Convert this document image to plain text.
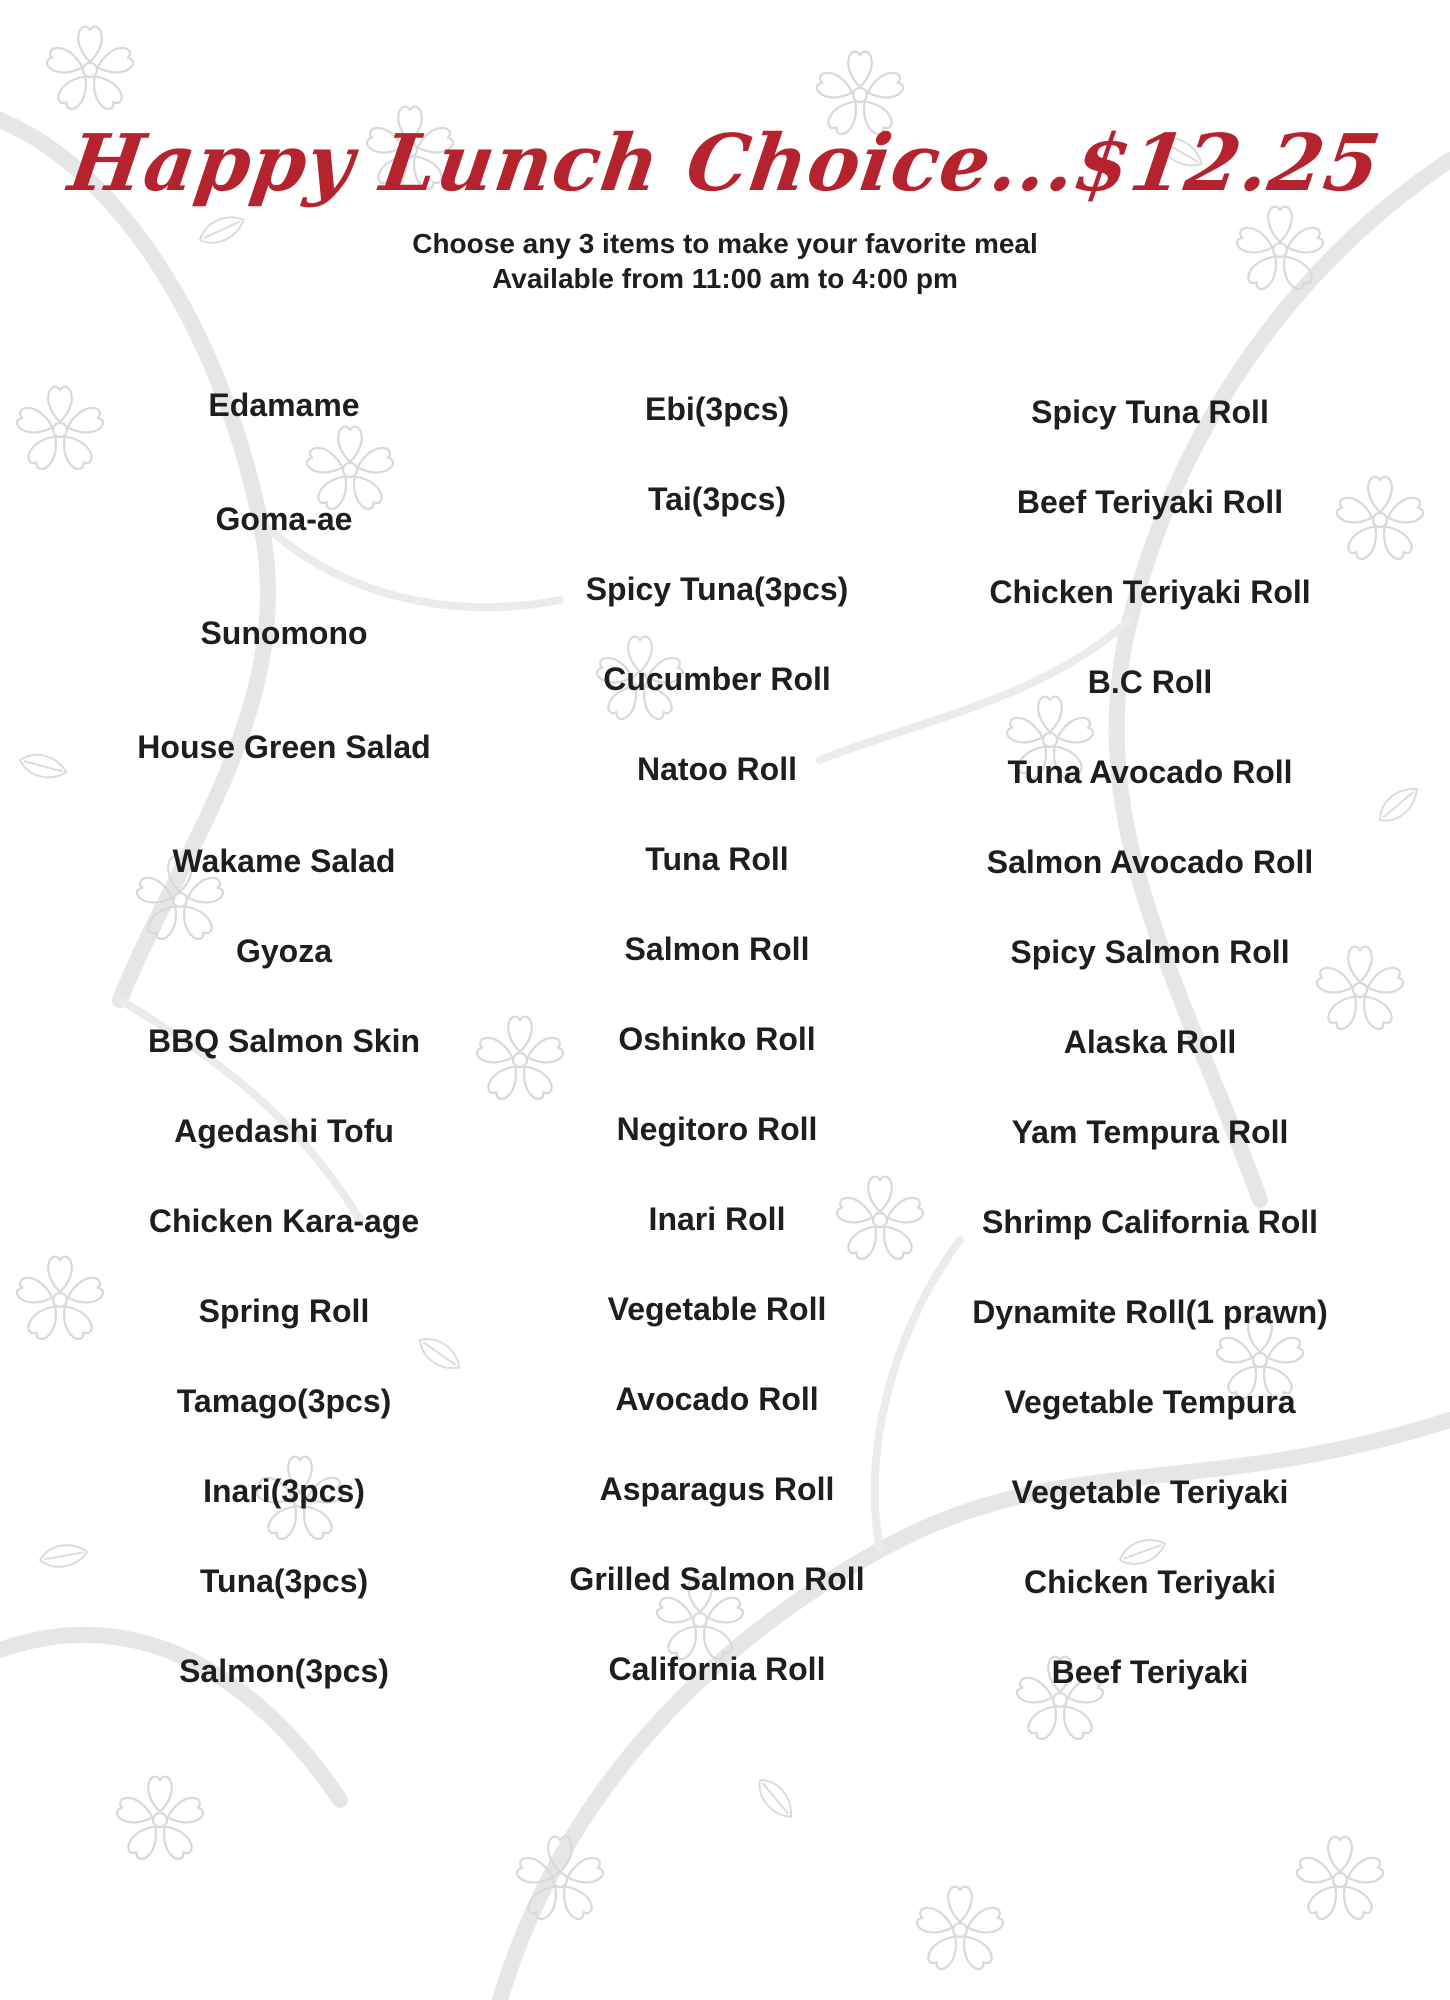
Happy Lunch Choice...$12.25
Choose any 3 items to make your favorite meal
Available from 11:00 am to 4:00 pm
Edamame
Goma-ae
Sunomono
House Green Salad
Wakame Salad
Gyoza
BBQ Salmon Skin
Agedashi Tofu
Chicken Kara-age
Spring Roll
Tamago(3pcs)
Inari(3pcs)
Tuna(3pcs)
Salmon(3pcs)
Ebi(3pcs)
Tai(3pcs)
Spicy Tuna(3pcs)
Cucumber Roll
Natoo Roll
Tuna Roll
Salmon Roll
Oshinko Roll
Negitoro Roll
Inari Roll
Vegetable Roll
Avocado Roll
Asparagus Roll
Grilled Salmon Roll
California Roll
Spicy Tuna Roll
Beef Teriyaki Roll
Chicken Teriyaki Roll
B.C Roll
Tuna Avocado Roll
Salmon Avocado Roll
Spicy Salmon Roll
Alaska Roll
Yam Tempura Roll
Shrimp California Roll
Dynamite Roll(1 prawn)
Vegetable Tempura
Vegetable Teriyaki
Chicken Teriyaki
Beef Teriyaki
